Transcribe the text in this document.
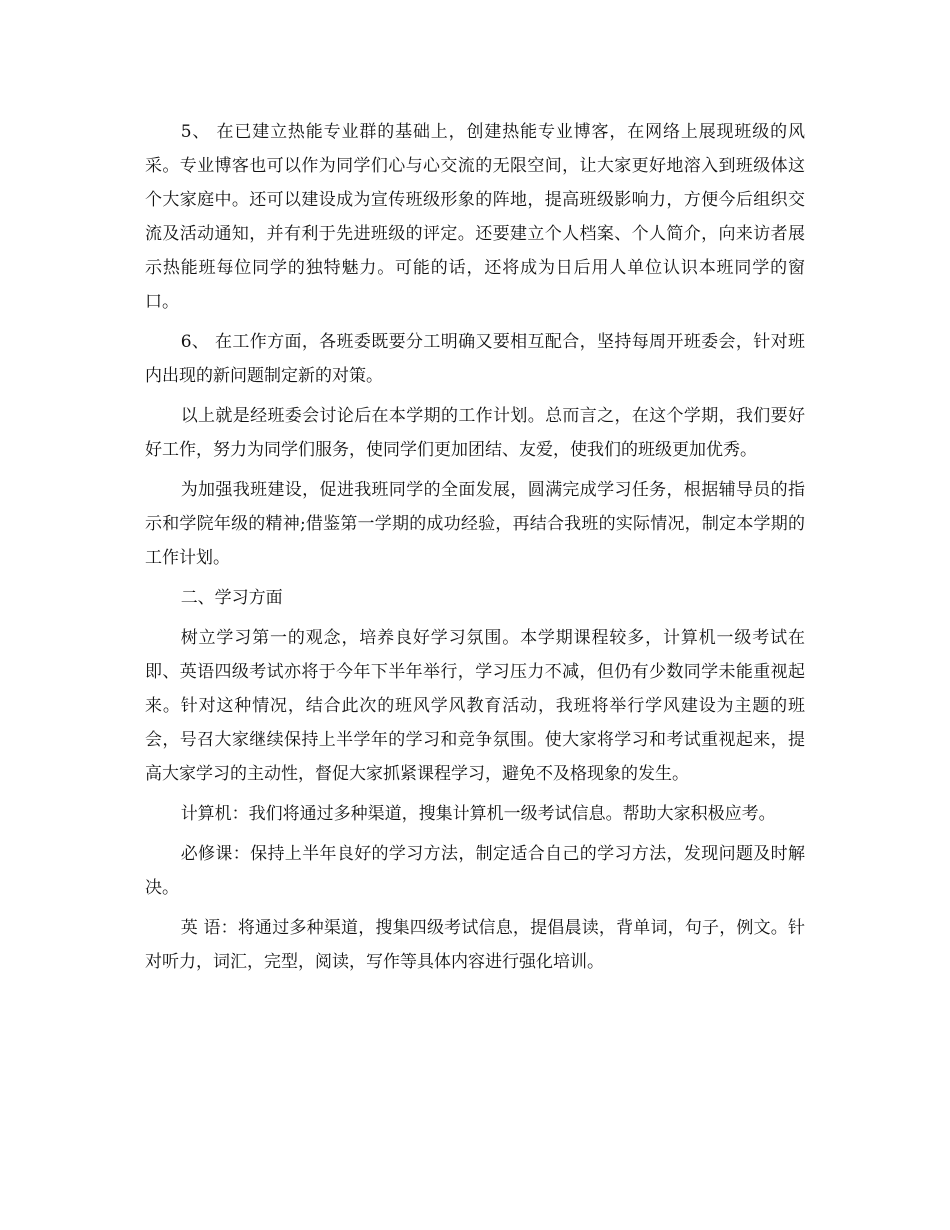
5、 在已建立热能专业群的基础上，创建热能专业博客，在网络上展现班级的风采。专业博客也可以作为同学们心与心交流的无限空间，让大家更好地溶入到班级体这个大家庭中。还可以建设成为宣传班级形象的阵地，提高班级影响力，方便今后组织交流及活动通知，并有利于先进班级的评定。还要建立个人档案、个人简介，向来访者展示热能班每位同学的独特魅力。可能的话，还将成为日后用人单位认识本班同学的窗口。

6、 在工作方面，各班委既要分工明确又要相互配合，坚持每周开班委会，针对班内出现的新问题制定新的对策。

以上就是经班委会讨论后在本学期的工作计划。总而言之，在这个学期，我们要好好工作，努力为同学们服务，使同学们更加团结、友爱，使我们的班级更加优秀。

为加强我班建设，促进我班同学的全面发展，圆满完成学习任务，根据辅导员的指示和学院年级的精神;借鉴第一学期的成功经验，再结合我班的实际情况，制定本学期的工作计划。

二、学习方面

树立学习第一的观念，培养良好学习氛围。本学期课程较多，计算机一级考试在即、英语四级考试亦将于今年下半年举行，学习压力不减，但仍有少数同学未能重视起来。针对这种情况，结合此次的班风学风教育活动，我班将举行学风建设为主题的班会，号召大家继续保持上半学年的学习和竞争氛围。使大家将学习和考试重视起来，提高大家学习的主动性，督促大家抓紧课程学习，避免不及格现象的发生。

计算机：我们将通过多种渠道，搜集计算机一级考试信息。帮助大家积极应考。

必修课：保持上半年良好的学习方法，制定适合自己的学习方法，发现问题及时解决。

英 语：将通过多种渠道，搜集四级考试信息，提倡晨读，背单词，句子，例文。针对听力，词汇，完型，阅读，写作等具体内容进行强化培训。
